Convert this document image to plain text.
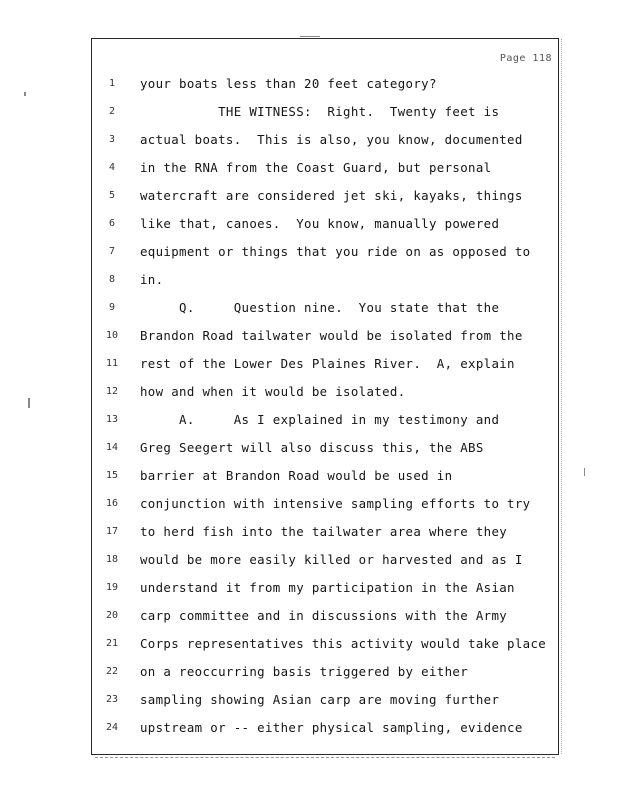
Page 118
1	your boats less than 20 feet category?
2	THE WITNESS:  Right.  Twenty feet is
3	actual boats.  This is also, you know, documented
4	in the RNA from the Coast Guard, but personal
5	watercraft are considered jet ski, kayaks, things
6	like that, canoes.  You know, manually powered
7	equipment or things that you ride on as opposed to
8	in.
9	Q.     Question nine.  You state that the
10	Brandon Road tailwater would be isolated from the
11	rest of the Lower Des Plaines River.  A, explain
12	how and when it would be isolated.
13	A.     As I explained in my testimony and
14	Greg Seegert will also discuss this, the ABS
15	barrier at Brandon Road would be used in
16	conjunction with intensive sampling efforts to try
17	to herd fish into the tailwater area where they
18	would be more easily killed or harvested and as I
19	understand it from my participation in the Asian
20	carp committee and in discussions with the Army
21	Corps representatives this activity would take place
22	on a reoccurring basis triggered by either
23	sampling showing Asian carp are moving further
24	upstream or -- either physical sampling, evidence
